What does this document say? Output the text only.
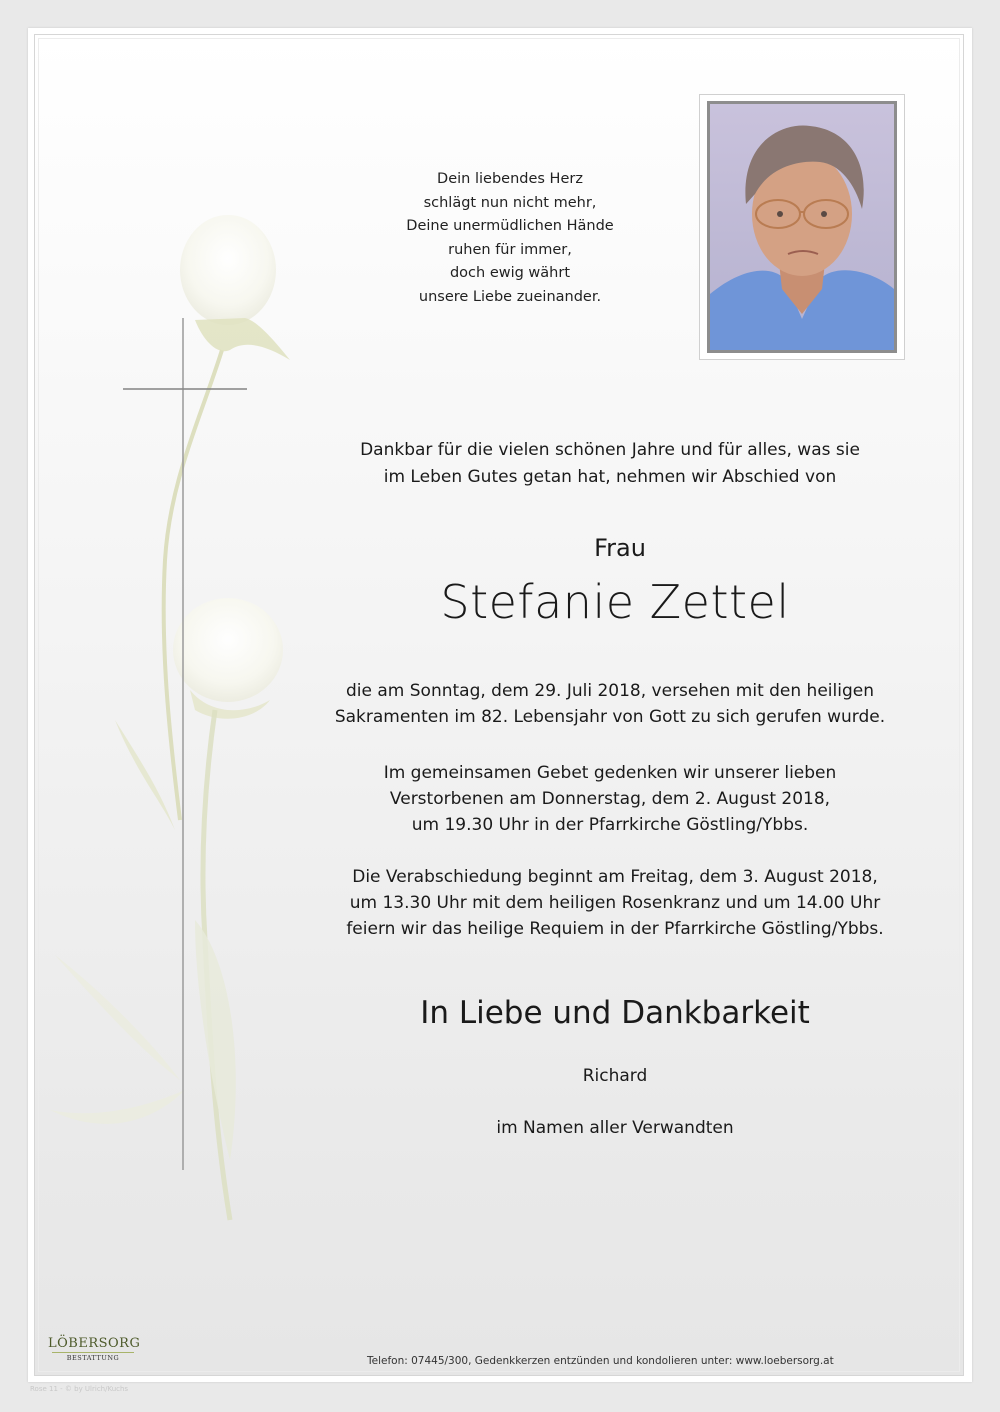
Dein liebendes Herz
schlägt nun nicht mehr,
Deine unermüdlichen Hände
ruhen für immer,
doch ewig währt
unsere Liebe zueinander.
Dankbar für die vielen schönen Jahre und für alles, was sie
im Leben Gutes getan hat, nehmen wir Abschied von
Frau
Stefanie Zettel
die am Sonntag, dem 29. Juli 2018, versehen mit den heiligen
Sakramenten im 82. Lebensjahr von Gott zu sich gerufen wurde.
Im gemeinsamen Gebet gedenken wir unserer lieben
Verstorbenen am Donnerstag, dem 2. August 2018,
um 19.30 Uhr in der Pfarrkirche Göstling/Ybbs.
Die Verabschiedung beginnt am Freitag, dem 3. August 2018,
um 13.30 Uhr mit dem heiligen Rosenkranz und um 14.00 Uhr
feiern wir das heilige Requiem in der Pfarrkirche Göstling/Ybbs.
In Liebe und Dankbarkeit
Richard
im Namen aller Verwandten
LÖBERSORG
BESTATTUNG	Telefon: 07445/300, Gedenkkerzen entzünden und kondolieren unter: www.loebersorg.at
Rose 11 - © by Ulrich/Kuchs
